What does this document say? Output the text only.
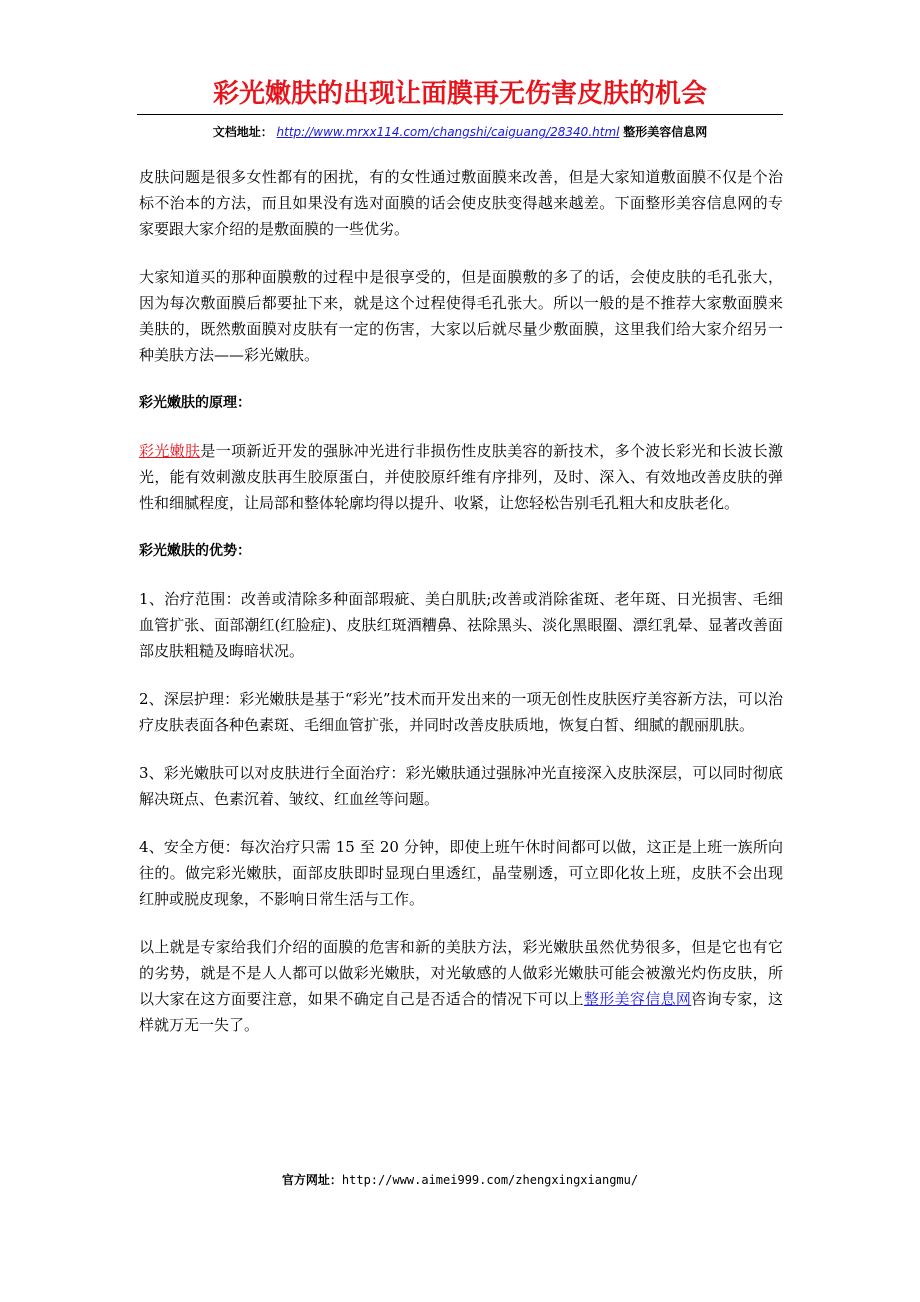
彩光嫩肤的出现让面膜再无伤害皮肤的机会
文档地址： http://www.mrxx114.com/changshi/caiguang/28340.html 整形美容信息网

皮肤问题是很多女性都有的困扰，有的女性通过敷面膜来改善，但是大家知道敷面膜不仅是个治标不治本的方法，而且如果没有选对面膜的话会使皮肤变得越来越差。下面整形美容信息网的专家要跟大家介绍的是敷面膜的一些优劣。

大家知道买的那种面膜敷的过程中是很享受的，但是面膜敷的多了的话，会使皮肤的毛孔张大，因为每次敷面膜后都要扯下来，就是这个过程使得毛孔张大。所以一般的是不推荐大家敷面膜来美肤的，既然敷面膜对皮肤有一定的伤害，大家以后就尽量少敷面膜，这里我们给大家介绍另一种美肤方法——彩光嫩肤。

彩光嫩肤的原理：

彩光嫩肤是一项新近开发的强脉冲光进行非损伤性皮肤美容的新技术，多个波长彩光和长波长激光，能有效刺激皮肤再生胶原蛋白，并使胶原纤维有序排列，及时、深入、有效地改善皮肤的弹性和细腻程度，让局部和整体轮廓均得以提升、收紧，让您轻松告别毛孔粗大和皮肤老化。

彩光嫩肤的优势：

1、治疗范围：改善或清除多种面部瑕疵、美白肌肤;改善或消除雀斑、老年斑、日光损害、毛细血管扩张、面部潮红(红脸症)、皮肤红斑酒糟鼻、祛除黑头、淡化黑眼圈、漂红乳晕、显著改善面部皮肤粗糙及晦暗状况。

2、深层护理：彩光嫩肤是基于“彩光”技术而开发出来的一项无创性皮肤医疗美容新方法，可以治疗皮肤表面各种色素斑、毛细血管扩张，并同时改善皮肤质地，恢复白皙、细腻的靓丽肌肤。

3、彩光嫩肤可以对皮肤进行全面治疗：彩光嫩肤通过强脉冲光直接深入皮肤深层，可以同时彻底解决斑点、色素沉着、皱纹、红血丝等问题。

4、安全方便：每次治疗只需 15 至 20 分钟，即使上班午休时间都可以做，这正是上班一族所向往的。做完彩光嫩肤，面部皮肤即时显现白里透红，晶莹剔透，可立即化妆上班，皮肤不会出现红肿或脱皮现象，不影响日常生活与工作。

以上就是专家给我们介绍的面膜的危害和新的美肤方法，彩光嫩肤虽然优势很多，但是它也有它的劣势，就是不是人人都可以做彩光嫩肤，对光敏感的人做彩光嫩肤可能会被激光灼伤皮肤，所以大家在这方面要注意，如果不确定自己是否适合的情况下可以上整形美容信息网咨询专家，这样就万无一失了。

官方网址：http://www.aimei999.com/zhengxingxiangmu/
